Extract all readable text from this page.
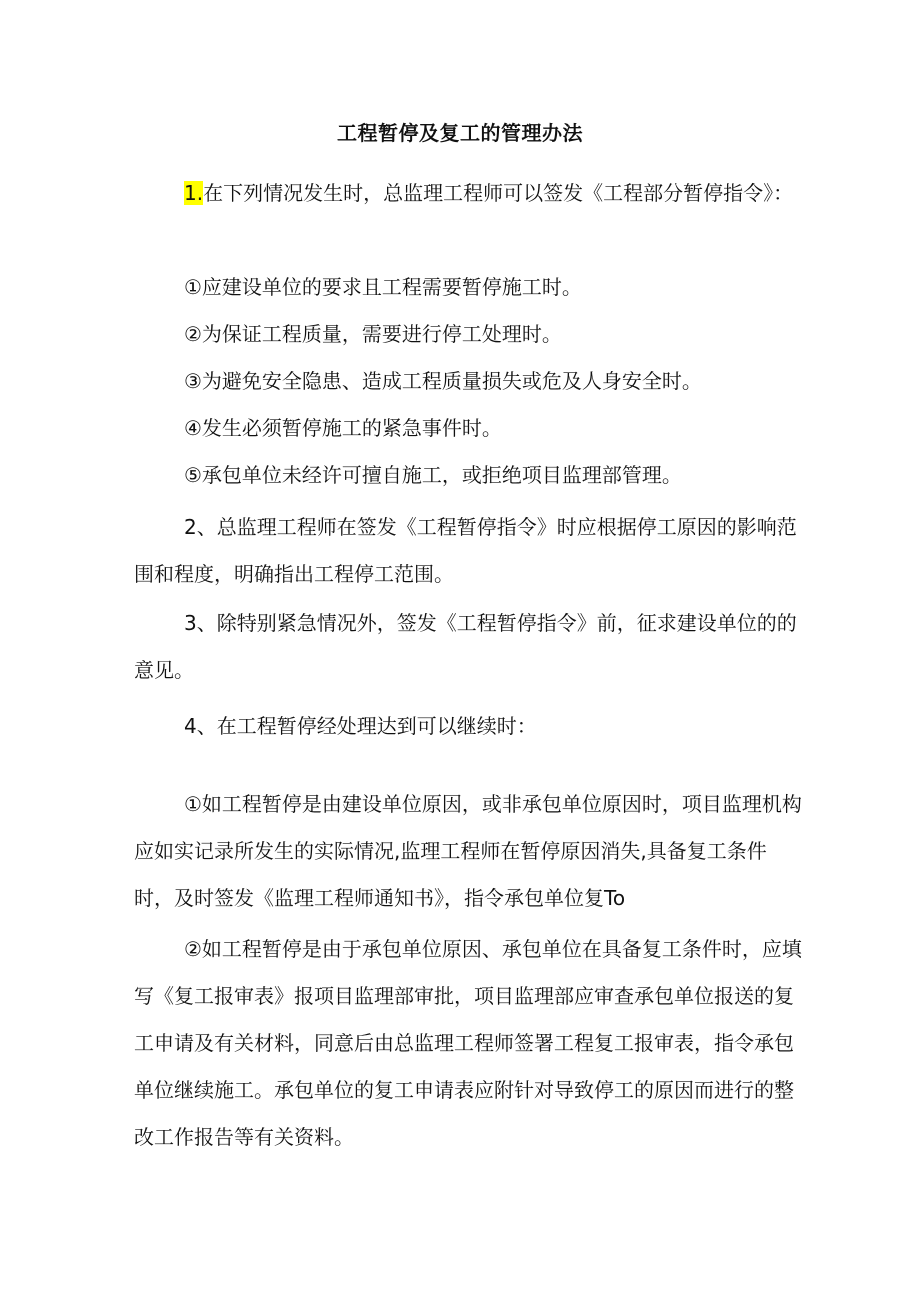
工程暂停及复工的管理办法
1.在下列情况发生时，总监理工程师可以签发《工程部分暂停指令》：
①应建设单位的要求且工程需要暂停施工时。
②为保证工程质量，需要进行停工处理时。
③为避免安全隐患、造成工程质量损失或危及人身安全时。
④发生必须暂停施工的紧急事件时。
⑤承包单位未经许可擅自施工，或拒绝项目监理部管理。
2、总监理工程师在签发《工程暂停指令》时应根据停工原因的影响范围和程度，明确指出工程停工范围。
3、除特别紧急情况外，签发《工程暂停指令》前，征求建设单位的的意见。
4、在工程暂停经处理达到可以继续时：
①如工程暂停是由建设单位原因，或非承包单位原因时，项目监理机构应如实记录所发生的实际情况,监理工程师在暂停原因消失,具备复工条件时，及时签发《监理工程师通知书》，指令承包单位复To
②如工程暂停是由于承包单位原因、承包单位在具备复工条件时，应填写《复工报审表》报项目监理部审批，项目监理部应审查承包单位报送的复工申请及有关材料，同意后由总监理工程师签署工程复工报审表，指令承包单位继续施工。承包单位的复工申请表应附针对导致停工的原因而进行的整改工作报告等有关资料。
